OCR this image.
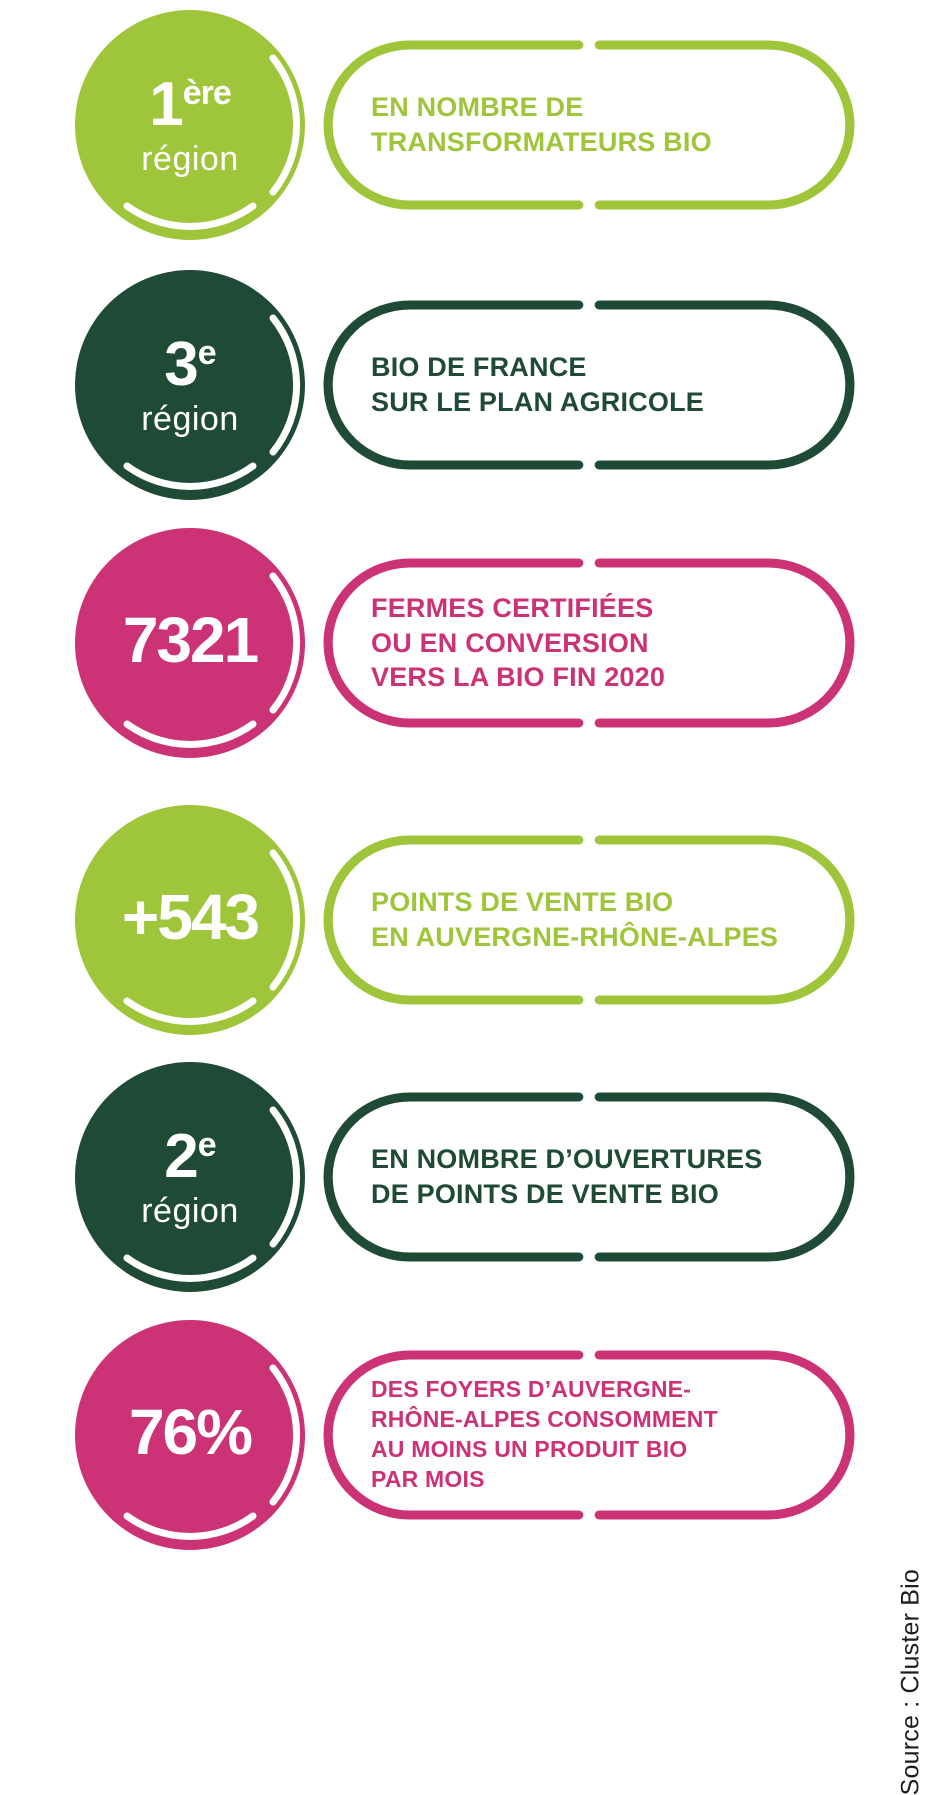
1 ère
région
EN NOMBRE DE
TRANSFORMATEURS BIO
3 e
région
BIO DE FRANCE
SUR LE PLAN AGRICOLE
7321	FERMES CERTIFIÉES
OU EN CONVERSION
VERS LA BIO FIN 2020
+543	POINTS DE VENTE BIO
EN AUVERGNE-RHÔNE-ALPES
2 e
région
EN NOMBRE D’OUVERTURES
DE POINTS DE VENTE BIO
76%
DES FOYERS D’AUVERGNE-
RHÔNE-ALPES CONSOMMENT
AU MOINS UN PRODUIT BIO
PAR MOIS
Source : Cluster Bio
